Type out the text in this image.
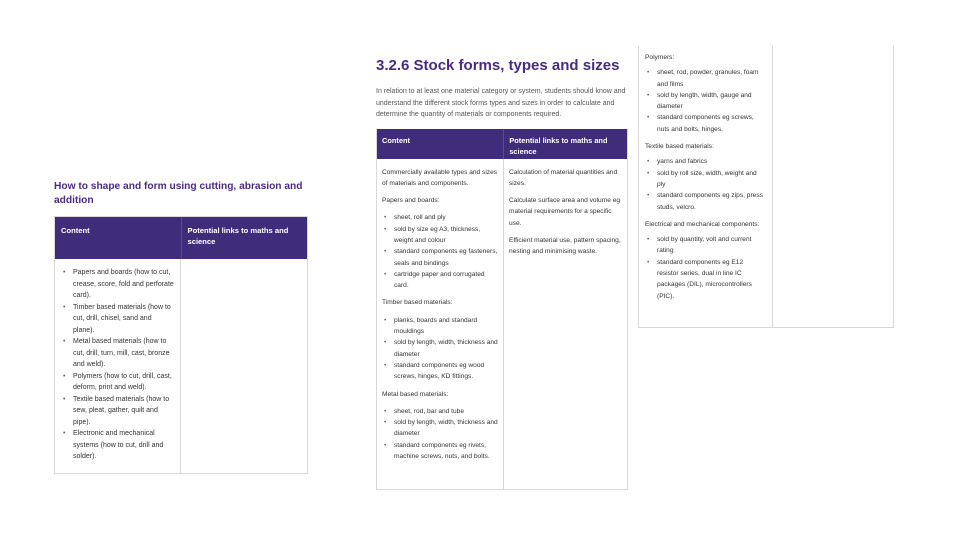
How to shape and form using cutting, abrasion and addition
Content	Potential links to maths and science
• Papers and boards (how to cut, crease, score, fold and perforate card).
• Timber based materials (how to cut, drill, chisel, sand and plane).
• Metal based materials (how to cut, drill, turn, mill, cast, bronze and weld).
• Polymers (how to cut, drill, cast, deform, print and weld).
• Textile based materials (how to sew, pleat, gather, quilt and pipe).
• Electronic and mechanical systems (how to cut, drill and solder).
3.2.6 Stock forms, types and sizes
In relation to at least one material category or system, students should know and understand the different stock forms types and sizes in order to calculate and determine the quantity of materials or components required.
Content	Potential links to maths and science

Commercially available types and sizes of materials and components.

Papers and boards:

• sheet, roll and ply
• sold by size eg A3, thickness, weight and colour
• standard components eg fasteners, seals and bindings
• cartridge paper and corrugated card.

Timber based materials:

• planks, boards and standard mouldings
• sold by length, width, thickness and diameter
• standard components eg wood screws, hinges, KD fittings.

Metal based materials:

• sheet, rod, bar and tube
• sold by length, width, thickness and diameter
• standard components eg rivets, machine screws, nuts, and bolts.

Calculation of material quantities and sizes.

Calculate surface area and volume eg material requirements for a specific use.

Efficient material use, pattern spacing, nesting and minimising waste.

Polymers:

• sheet, rod, powder, granules, foam and films
• sold by length, width, gauge and diameter
• standard components eg screws, nuts and bolts, hinges.

Textile based materials:

• yarns and fabrics
• sold by roll size, width, weight and ply
• standard components eg zips, press studs, velcro.

Electrical and mechanical components:

• sold by quantity, volt and current rating
• standard components eg E12 resistor series, dual in line IC packages (DIL), microcontrollers (PIC).
